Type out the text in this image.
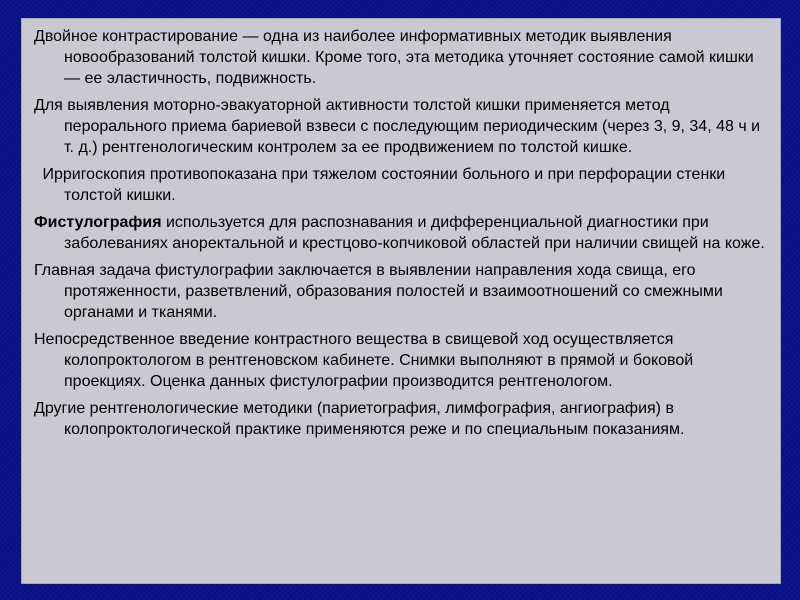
Двойное контрастирование — одна из наиболее информативных методик выявления новообразований толстой кишки. Кроме того, эта методика уточняет состояние самой кишки — ее эластичность, подвижность.

Для выявления моторно-эвакуаторной активности толстой кишки применяется метод перорального приема бариевой взвеси с последующим периодическим (через 3, 9, 34, 48 ч и т. д.) рентгенологическим контролем за ее продвижением по толстой кишке.

Ирригоскопия противопоказана при тяжелом состоянии больного и при перфорации стенки толстой кишки.

Фистулография используется для распознавания и дифференциальной диагностики при заболеваниях аноректальной и крестцово-копчиковой областей при наличии свищей на коже.

Главная задача фистулографии заключается в выявлении направления хода свища, его протяженности, разветвлений, образования полостей и взаимоотношений со смежными органами и тканями.

Непосредственное введение контрастного вещества в свищевой ход осуществляется колопроктологом в рентгеновском кабинете. Снимки выполняют в прямой и боковой проекциях. Оценка данных фистулографии производится рентгенологом.

Другие рентгенологические методики (париетография, лимфография, ангиография) в колопроктологической практике применяются реже и по специальным показаниям.
